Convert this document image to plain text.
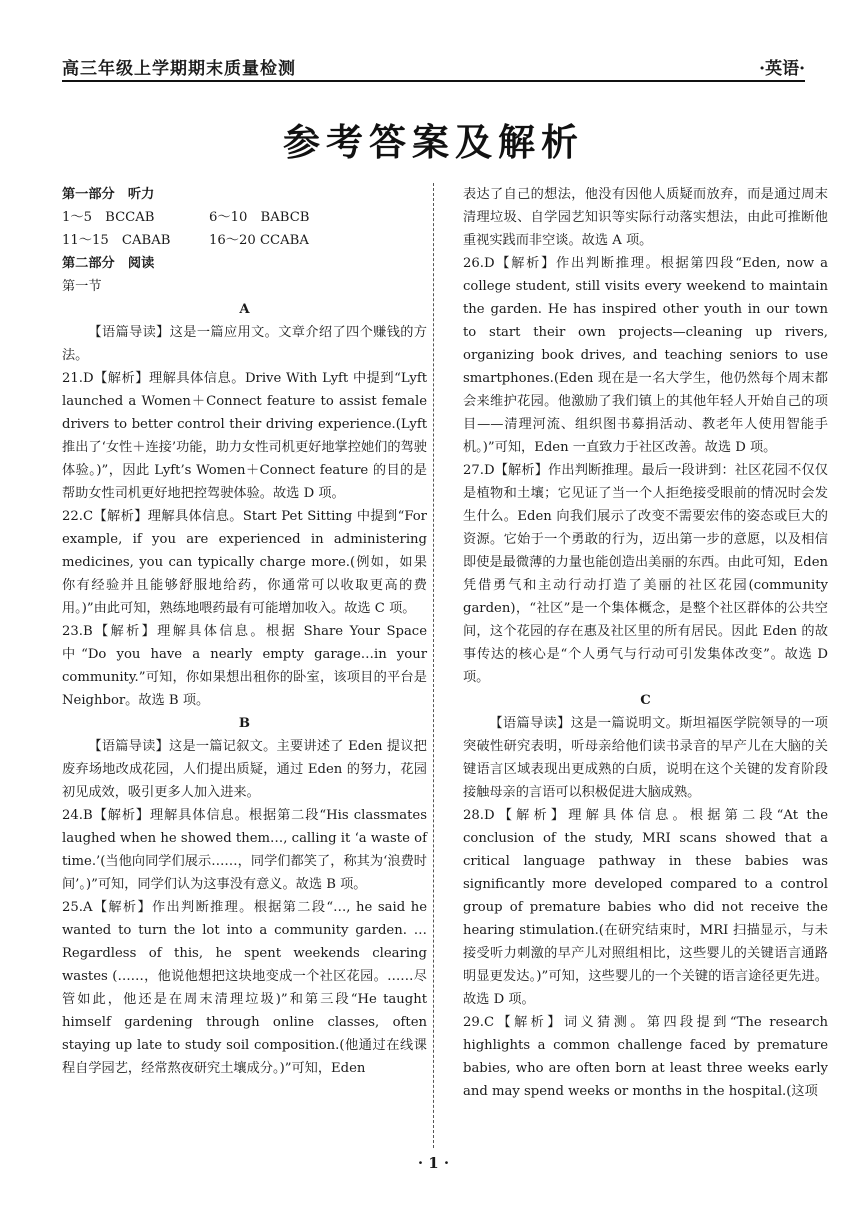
高三年级上学期期末质量检测	·英语·
参考答案及解析

第一部分　听力

1～5　BCCAB	6～10　BABCB
11～15　CABAB	16～20 CCABA

第二部分　阅读

第一节

A

【语篇导读】这是一篇应用文。文章介绍了四个赚钱的方法。

21.D【解析】理解具体信息。Drive With Lyft 中提到“Lyft launched a Women＋Connect feature to assist female drivers to better control their driving experience.(Lyft 推出了‘女性＋连接’功能，助力女性司机更好地掌控她们的驾驶体验。)”，因此 Lyft’s Women＋Connect feature 的目的是帮助女性司机更好地把控驾驶体验。故选 D 项。

22.C【解析】理解具体信息。Start Pet Sitting 中提到“For example, if you are experienced in administering medicines, you can typically charge more.(例如，如果你有经验并且能够舒服地给药，你通常可以收取更高的费用。)”由此可知，熟练地喂药最有可能增加收入。故选 C 项。

23.B【解析】理解具体信息。根据 Share Your Space 中“Do you have a nearly empty garage…in your community.”可知，你如果想出租你的卧室，该项目的平台是 Neighbor。故选 B 项。

B

【语篇导读】这是一篇记叙文。主要讲述了 Eden 提议把废弃场地改成花园，人们提出质疑，通过 Eden 的努力，花园初见成效，吸引更多人加入进来。

24.B【解析】理解具体信息。根据第二段“His classmates laughed when he showed them…, calling it ‘a waste of time.’(当他向同学们展示……，同学们都笑了，称其为‘浪费时间’。)”可知，同学们认为这事没有意义。故选 B 项。

25.A【解析】作出判断推理。根据第二段“…, he said he wanted to turn the lot into a community garden. …Regardless of this, he spent weekends clearing wastes (……，他说他想把这块地变成一个社区花园。……尽管如此，他还是在周末清理垃圾)”和第三段“He taught himself gardening through online classes, often staying up late to study soil composition.(他通过在线课程自学园艺，经常熬夜研究土壤成分。)”可知，Eden

表达了自己的想法，他没有因他人质疑而放弃，而是通过周末清理垃圾、自学园艺知识等实际行动落实想法，由此可推断他重视实践而非空谈。故选 A 项。

26.D【解析】作出判断推理。根据第四段“Eden, now a college student, still visits every weekend to maintain the garden. He has inspired other youth in our town to start their own projects—cleaning up rivers, organizing book drives, and teaching seniors to use smartphones.(Eden 现在是一名大学生，他仍然每个周末都会来维护花园。他激励了我们镇上的其他年轻人开始自己的项目——清理河流、组织图书募捐活动、教老年人使用智能手机。)”可知，Eden 一直致力于社区改善。故选 D 项。

27.D【解析】作出判断推理。最后一段讲到：社区花园不仅仅是植物和土壤；它见证了当一个人拒绝接受眼前的情况时会发生什么。Eden 向我们展示了改变不需要宏伟的姿态或巨大的资源。它始于一个勇敢的行为，迈出第一步的意愿，以及相信即使是最微薄的力量也能创造出美丽的东西。由此可知，Eden 凭借勇气和主动行动打造了美丽的社区花园(community garden)，“社区”是一个集体概念，是整个社区群体的公共空间，这个花园的存在惠及社区里的所有居民。因此 Eden 的故事传达的核心是“个人勇气与行动可引发集体改变”。故选 D 项。

C

【语篇导读】这是一篇说明文。斯坦福医学院领导的一项突破性研究表明，听母亲给他们读书录音的早产儿在大脑的关键语言区域表现出更成熟的白质，说明在这个关键的发育阶段接触母亲的言语可以积极促进大脑成熟。

28.D【解析】理解具体信息。根据第二段“At the conclusion of the study, MRI scans showed that a critical language pathway in these babies was significantly more developed compared to a control group of premature babies who did not receive the hearing stimulation.(在研究结束时，MRI 扫描显示，与未接受听力刺激的早产儿对照组相比，这些婴儿的关键语言通路明显更发达。)”可知，这些婴儿的一个关键的语言途径更先进。故选 D 项。

29.C【解析】词义猜测。第四段提到“The research highlights a common challenge faced by premature babies, who are often born at least three weeks early and may spend weeks or months in the hospital.(这项

· 1 ·
